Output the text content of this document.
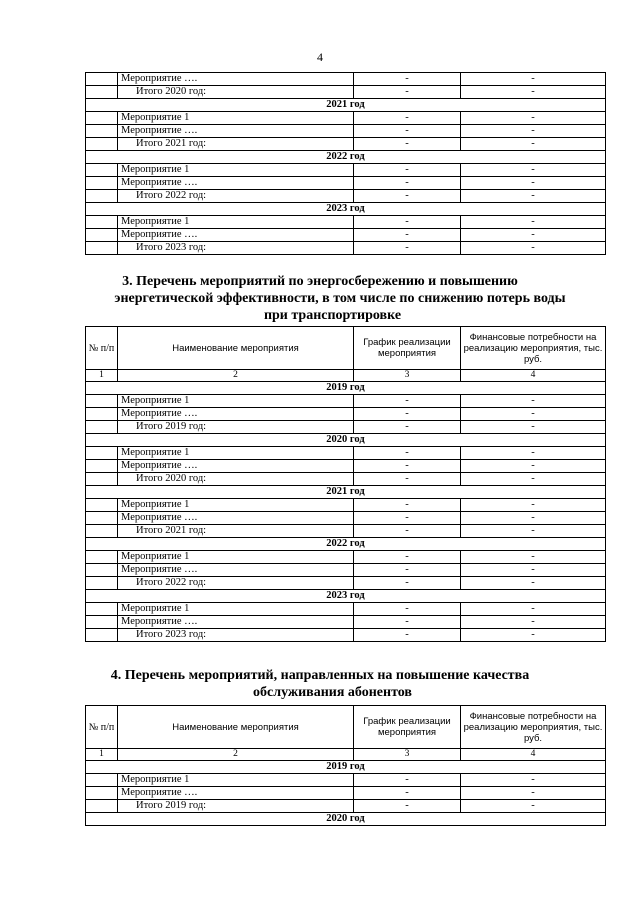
4
	Мероприятие ….	-	-
	Итого 2020 год:	-	-
2021 год			
	Мероприятие 1	-	-
	Мероприятие ….	-	-
	Итого 2021 год:	-	-
2022 год			
	Мероприятие 1	-	-
	Мероприятие ….	-	-
	Итого 2022 год:	-	-
2023 год			
	Мероприятие 1	-	-
	Мероприятие ….	-	-
	Итого 2023 год:	-	-
3. Перечень мероприятий по энергосбережению и повышению
энергетической эффективности, в том числе по снижению потерь воды
при транспортировке
№ п/п	Наименование мероприятия	График реализации мероприятия	Финансовые потребности на реализацию мероприятия, тыс. руб.
1	2	3	4
2019 год			
	Мероприятие 1	-	-
	Мероприятие ….	-	-
	Итого 2019 год:	-	-
2020 год			
	Мероприятие 1	-	-
	Мероприятие ….	-	-
	Итого 2020 год:	-	-
2021 год			
	Мероприятие 1	-	-
	Мероприятие ….	-	-
	Итого 2021 год:	-	-
2022 год			
	Мероприятие 1	-	-
	Мероприятие ….	-	-
	Итого 2022 год:	-	-
2023 год			
	Мероприятие 1	-	-
	Мероприятие ….	-	-
	Итого 2023 год:	-	-
4. Перечень мероприятий, направленных на повышение качества
обслуживания абонентов
№ п/п	Наименование мероприятия	График реализации мероприятия	Финансовые потребности на реализацию мероприятия, тыс. руб.
1	2	3	4
2019 год			
	Мероприятие 1	-	-
	Мероприятие ….	-	-
	Итого 2019 год:	-	-
2020 год			
